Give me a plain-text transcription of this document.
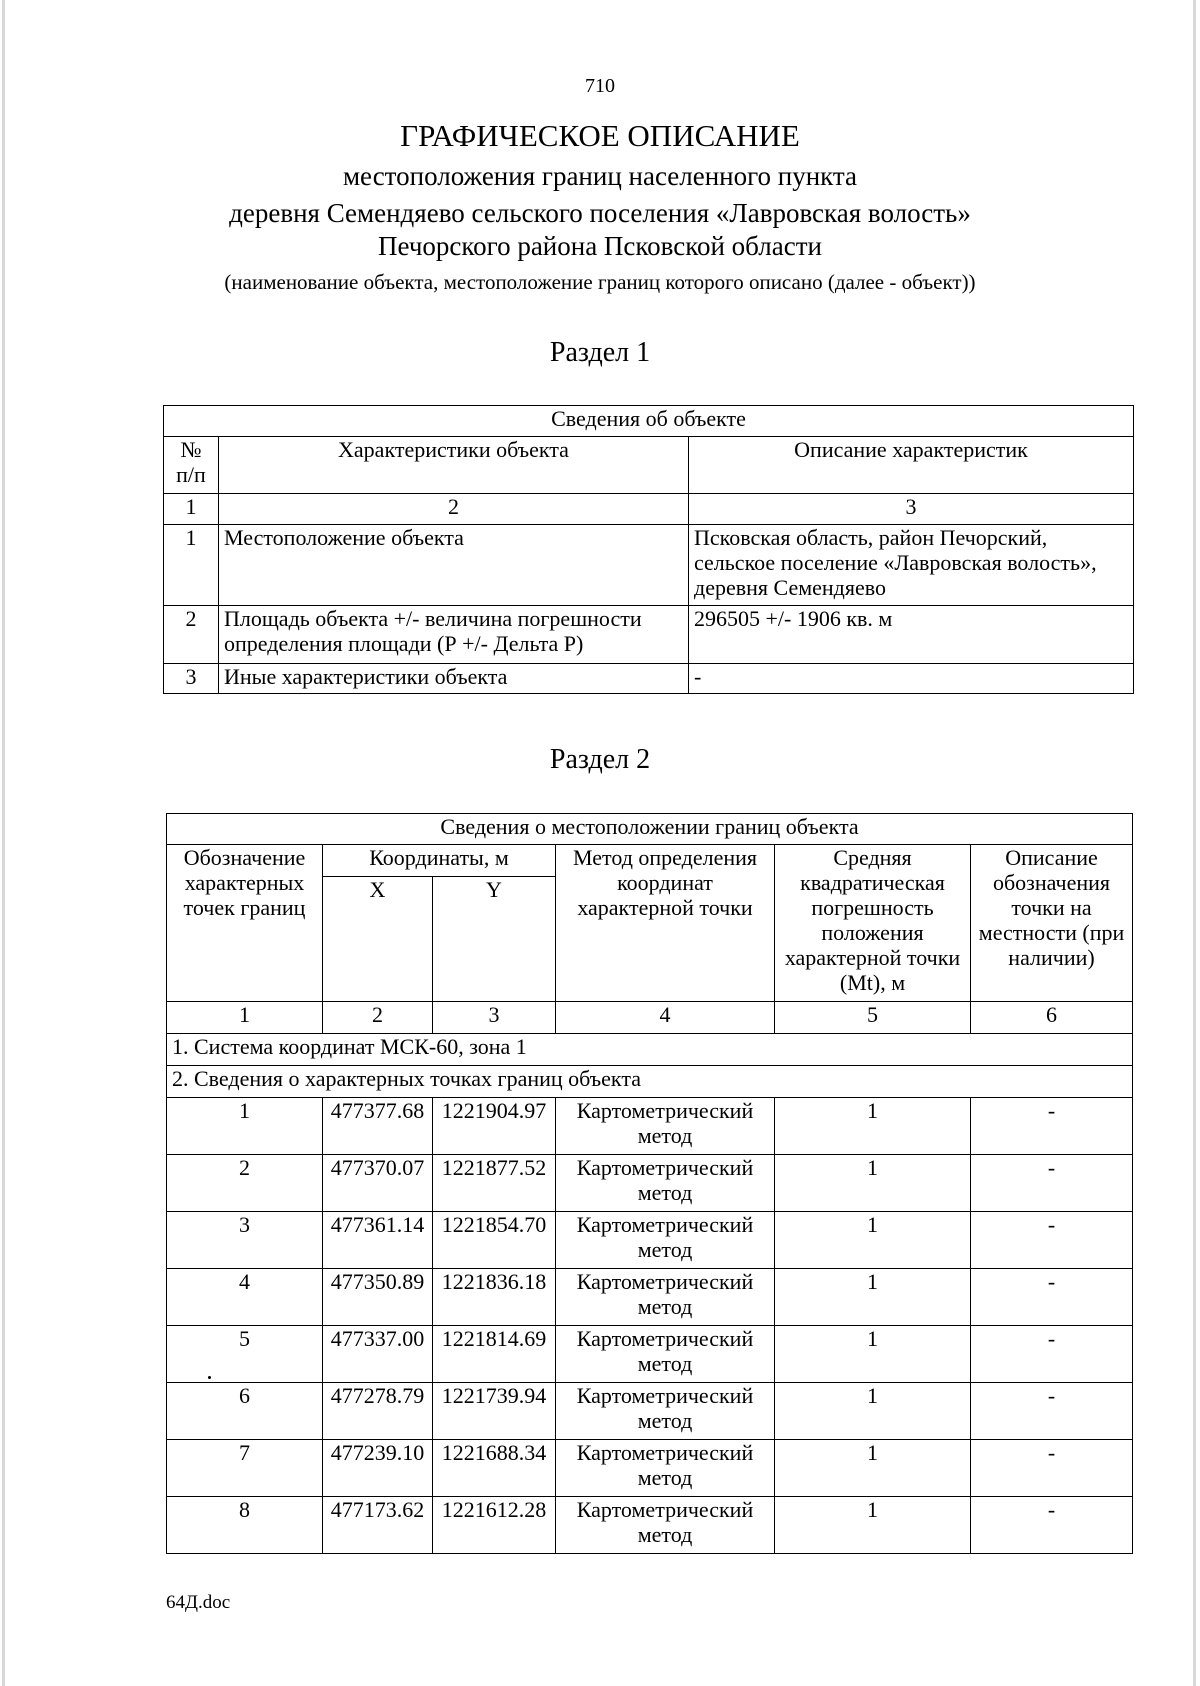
710
ГРАФИЧЕСКОЕ ОПИСАНИЕ
местоположения границ населенного пункта
деревня Семендяево сельского поселения «Лавровская волость»
Печорского района Псковской области
(наименование объекта, местоположение границ которого описано (далее - объект))
Раздел 1
Сведения об объекте		
№ п/п	Характеристики объекта	Описание характеристик
1	2	3
1	Местоположение объекта	Псковская область, район Печорский, сельское поселение «Лавровская волость», деревня Семендяево
2	Площадь объекта +/- величина погрешности определения площади (Р +/- Дельта Р)	296505 +/- 1906 кв. м
3	Иные характеристики объекта	-
Раздел 2
Сведения о местоположении границ объекта					
Обозначение характерных точек границ	Координаты, м		Метод определения координат характерной точки	Средняя квадратическая погрешность положения характерной точки (Mt), м	Описание обозначения точки на местности (при наличии)
	X	Y			
1	2	3	4	5	6
1. Система координат МСК-60, зона 1					
2. Сведения о характерных точках границ объекта					
1	477377.68	1221904.97	Картометрический метод	1	-
2	477370.07	1221877.52	Картометрический метод	1	-
3	477361.14	1221854.70	Картометрический метод	1	-
4	477350.89	1221836.18	Картометрический метод	1	-
5	477337.00	1221814.69	Картометрический метод	1	-
6	477278.79	1221739.94	Картометрический метод	1	-
7	477239.10	1221688.34	Картометрический метод	1	-
8	477173.62	1221612.28	Картометрический метод	1	-
64Д.doc
